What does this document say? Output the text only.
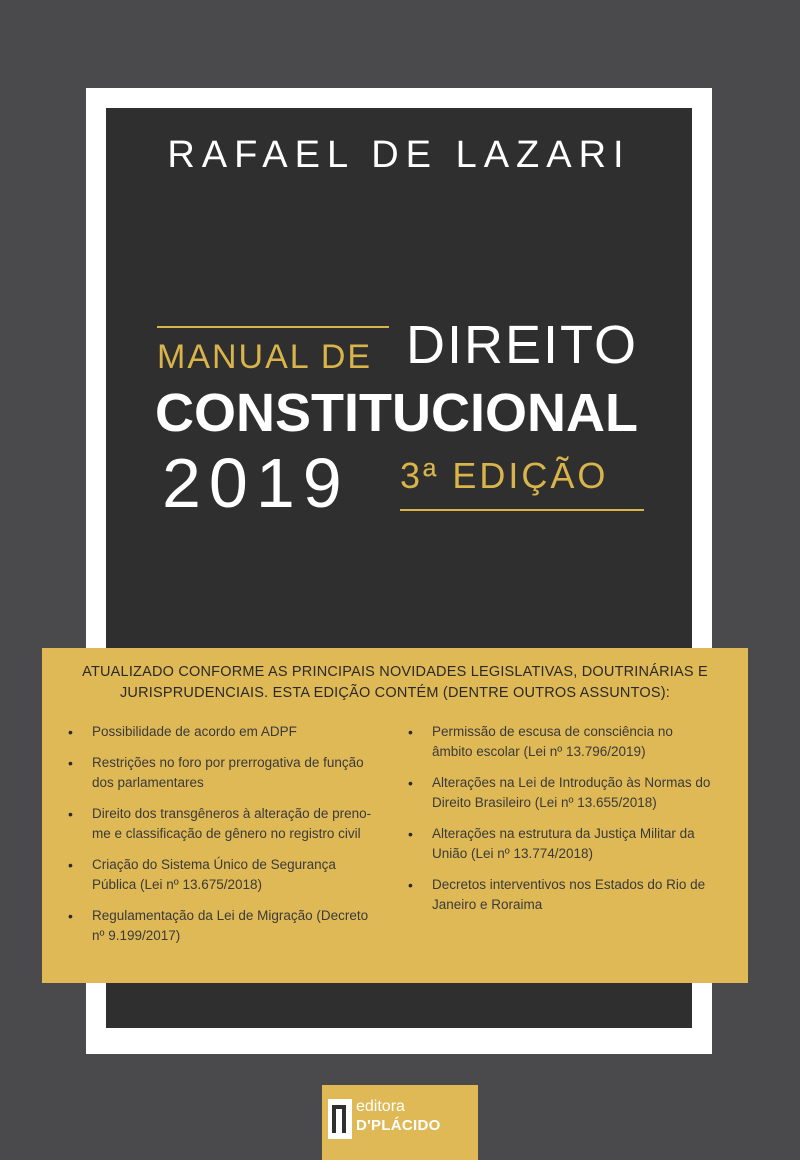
RAFAEL DE LAZARI
MANUAL DE DIREITO
CONSTITUCIONAL
2019 3ª EDIÇÃO

ATUALIZADO CONFORME AS PRINCIPAIS NOVIDADES LEGISLATIVAS, DOUTRINÁRIAS E JURISPRUDENCIAIS. ESTA EDIÇÃO CONTÉM (DENTRE OUTROS ASSUNTOS):

• Possibilidade de acordo em ADPF
• Restrições no foro por prerrogativa de função dos parlamentares
• Direito dos transgêneros à alteração de prenome e classificação de gênero no registro civil
• Criação do Sistema Único de Segurança Pública (Lei nº 13.675/2018)
• Regulamentação da Lei de Migração (Decreto nº 9.199/2017)
• Permissão de escusa de consciência no âmbito escolar (Lei nº 13.796/2019)
• Alterações na Lei de Introdução às Normas do Direito Brasileiro (Lei nº 13.655/2018)
• Alterações na estrutura da Justiça Militar da União (Lei nº 13.774/2018)
• Decretos interventivos nos Estados do Rio de Janeiro e Roraima
editora
D'PLÁCIDO
